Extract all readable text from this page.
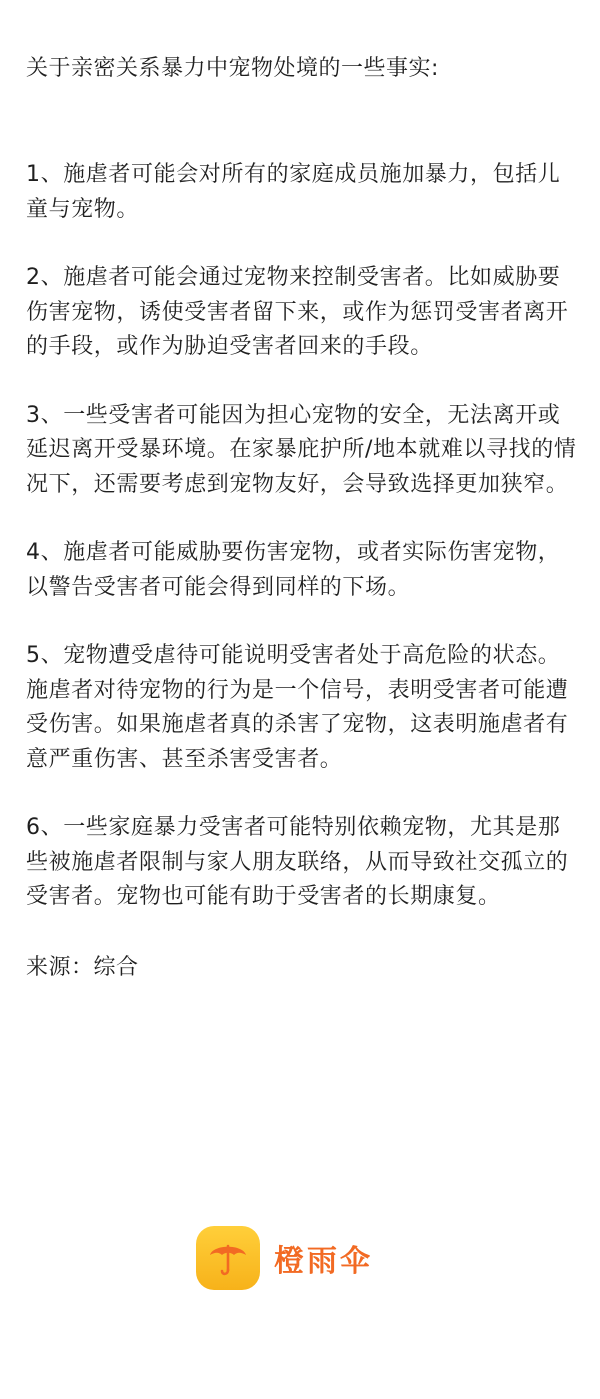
关于亲密关系暴力中宠物处境的一些事实:

1、施虐者可能会对所有的家庭成员施加暴力，包括儿童与宠物。

2、施虐者可能会通过宠物来控制受害者。比如威胁要伤害宠物，诱使受害者留下来，或作为惩罚受害者离开的手段，或作为胁迫受害者回来的手段。

3、一些受害者可能因为担心宠物的安全，无法离开或延迟离开受暴环境。在家暴庇护所/地本就难以寻找的情况下，还需要考虑到宠物友好，会导致选择更加狭窄。

4、施虐者可能威胁要伤害宠物，或者实际伤害宠物，以警告受害者可能会得到同样的下场。

5、宠物遭受虐待可能说明受害者处于高危险的状态。施虐者对待宠物的行为是一个信号，表明受害者可能遭受伤害。如果施虐者真的杀害了宠物，这表明施虐者有意严重伤害、甚至杀害受害者。

6、一些家庭暴力受害者可能特别依赖宠物，尤其是那些被施虐者限制与家人朋友联络，从而导致社交孤立的受害者。宠物也可能有助于受害者的长期康复。

来源：综合
橙雨伞
